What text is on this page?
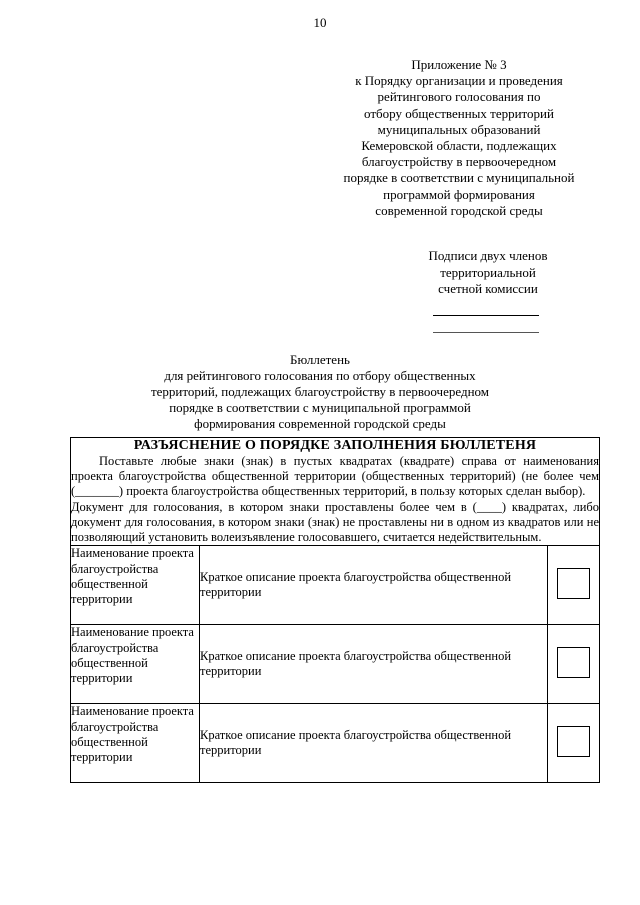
10
Приложение № 3
к Порядку организации и проведения
рейтингового голосования по
отбору общественных территорий
муниципальных образований
Кемеровской области, подлежащих
благоустройству в первоочередном
порядке в соответствии с муниципальной
программой формирования
современной городской среды
Подписи двух членов
территориальной
счетной комиссии
Бюллетень
для рейтингового голосования по отбору общественных
территорий, подлежащих благоустройству в первоочередном
порядке в соответствии с муниципальной программой
формирования современной городской среды
РАЗЪЯСНЕНИЕ О ПОРЯДКЕ ЗАПОЛНЕНИЯ БЮЛЛЕТЕНЯ
Поставьте любые знаки (знак) в пустых квадратах (квадрате) справа от наименования проекта благоустройства общественной территории (общественных территорий) (не более чем (_______) проекта благоустройства общественных территорий, в пользу которых сделан выбор).
Документ для голосования, в котором знаки проставлены более чем в (____) квадратах, либо документ для голосования, в котором знаки (знак) не проставлены ни в одном из квадратов или не позволяющий установить волеизъявление голосовавшего, считается недействительным.		

Наименование проекта благоустройства общественной территории	Краткое описание проекта благоустройства общественной территории	
Наименование проекта благоустройства общественной территории	Краткое описание проекта благоустройства общественной территории	
Наименование проекта благоустройства общественной территории	Краткое описание проекта благоустройства общественной территории	
